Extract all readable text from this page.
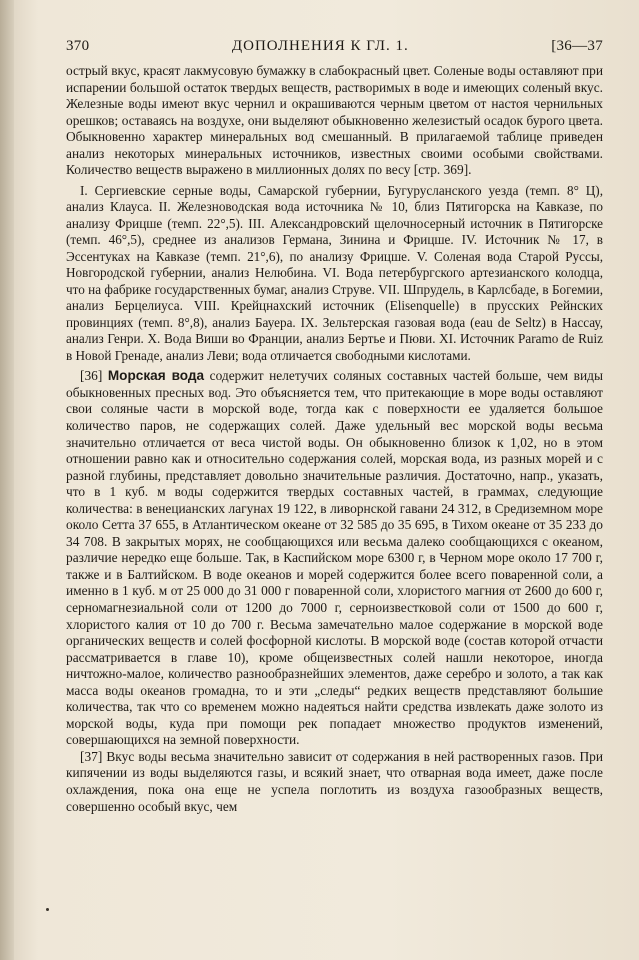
370	ДОПОЛНЕНИЯ К ГЛ. 1.	[36—37

острый вкус, красят лакмусовую бумажку в слабокрасный цвет. Соленые воды оставляют при испарении большой остаток твердых веществ, растворимых в воде и имеющих соленый вкус. Железные воды имеют вкус чернил и окрашиваются черным цветом от настоя чернильных орешков; оставаясь на воздухе, они выделяют обыкновенно железистый осадок бурого цвета. Обыкновенно характер минеральных вод смешанный. В прилагаемой таблице приведен анализ некоторых минеральных источников, известных своими особыми свойствами. Количество веществ выражено в миллионных долях по весу [стр. 369].

I. Сергиевские серные воды, Самарской губернии, Бугурусланского уезда (темп. 8° Ц), анализ Клауса. II. Железноводская вода источника № 10, близ Пятигорска на Кавказе, по анализу Фрицше (темп. 22°,5). III. Александровский щелочносерный источник в Пятигорске (темп. 46°,5), среднее из анализов Германа, Зинина и Фрицше. IV. Источник № 17, в Эссентуках на Кавказе (темп. 21°,6), по анализу Фрицше. V. Соленая вода Старой Руссы, Новгородской губернии, анализ Нелюбина. VI. Вода петербургского артезианского колодца, что на фабрике государственных бумаг, анализ Струве. VII. Шпрудель, в Карлсбаде, в Богемии, анализ Берцелиуса. VIII. Крейцнахский источник (Elisenquelle) в прусских Рейнских провинциях (темп. 8°,8), анализ Бауера. IX. Зельтерская газовая вода (eau de Seltz) в Нассау, анализ Генри. X. Вода Виши во Франции, анализ Бертье и Пюви. XI. Источник Paramo de Ruiz в Новой Гренаде, анализ Леви; вода отличается свободными кислотами.

[36] Морская вода содержит нелетучих соляных составных частей больше, чем виды обыкновенных пресных вод. Это объясняется тем, что притекающие в море воды оставляют свои соляные части в морской воде, тогда как с поверхности ее удаляется большое количество паров, не содержащих солей. Даже удельный вес морской воды весьма значительно отличается от веса чистой воды. Он обыкновенно близок к 1,02, но в этом отношении равно как и относительно содержания солей, морская вода, из разных морей и с разной глубины, представляет довольно значительные различия. Достаточно, напр., указать, что в 1 куб. м воды содержится твердых составных частей, в граммах, следующие количества: в венецианских лагунах 19 122, в ливорнской гавани 24 312, в Средиземном море около Сетта 37 655, в Атлантическом океане от 32 585 до 35 695, в Тихом океане от 35 233 до 34 708. В закрытых морях, не сообщающихся или весьма далеко сообщающихся с океаном, различие нередко еще больше. Так, в Каспийском море 6300 г, в Черном море около 17 700 г, также и в Балтийском. В воде океанов и морей содержится более всего поваренной соли, а именно в 1 куб. м от 25 000 до 31 000 г поваренной соли, хлористого магния от 2600 до 600 г, серномагнезиальной соли от 1200 до 7000 г, сернoизвестковой соли от 1500 до 600 г, хлористого калия от 10 до 700 г. Весьма замечательно малое содержание в морской воде органических веществ и солей фосфорной кислоты. В морской воде (состав которой отчасти рассматривается в главе 10), кроме общеизвестных солей нашли некоторое, иногда ничтожно-малое, количество разнообразнейших элементов, даже серебро и золото, а так как масса воды океанов громадна, то и эти „следы“ редких веществ представляют большие количества, так что со временем можно надеяться найти средства извлекать даже золото из морской воды, куда при помощи рек попадает множество продуктов изменений, совершающихся на земной поверхности.

[37] Вкус воды весьма значительно зависит от содержания в ней растворенных газов. При кипячении из воды выделяются газы, и всякий знает, что отварная вода имеет, даже после охлаждения, пока она еще не успела поглотить из воздуха газообразных веществ, совершенно особый вкус, чем
